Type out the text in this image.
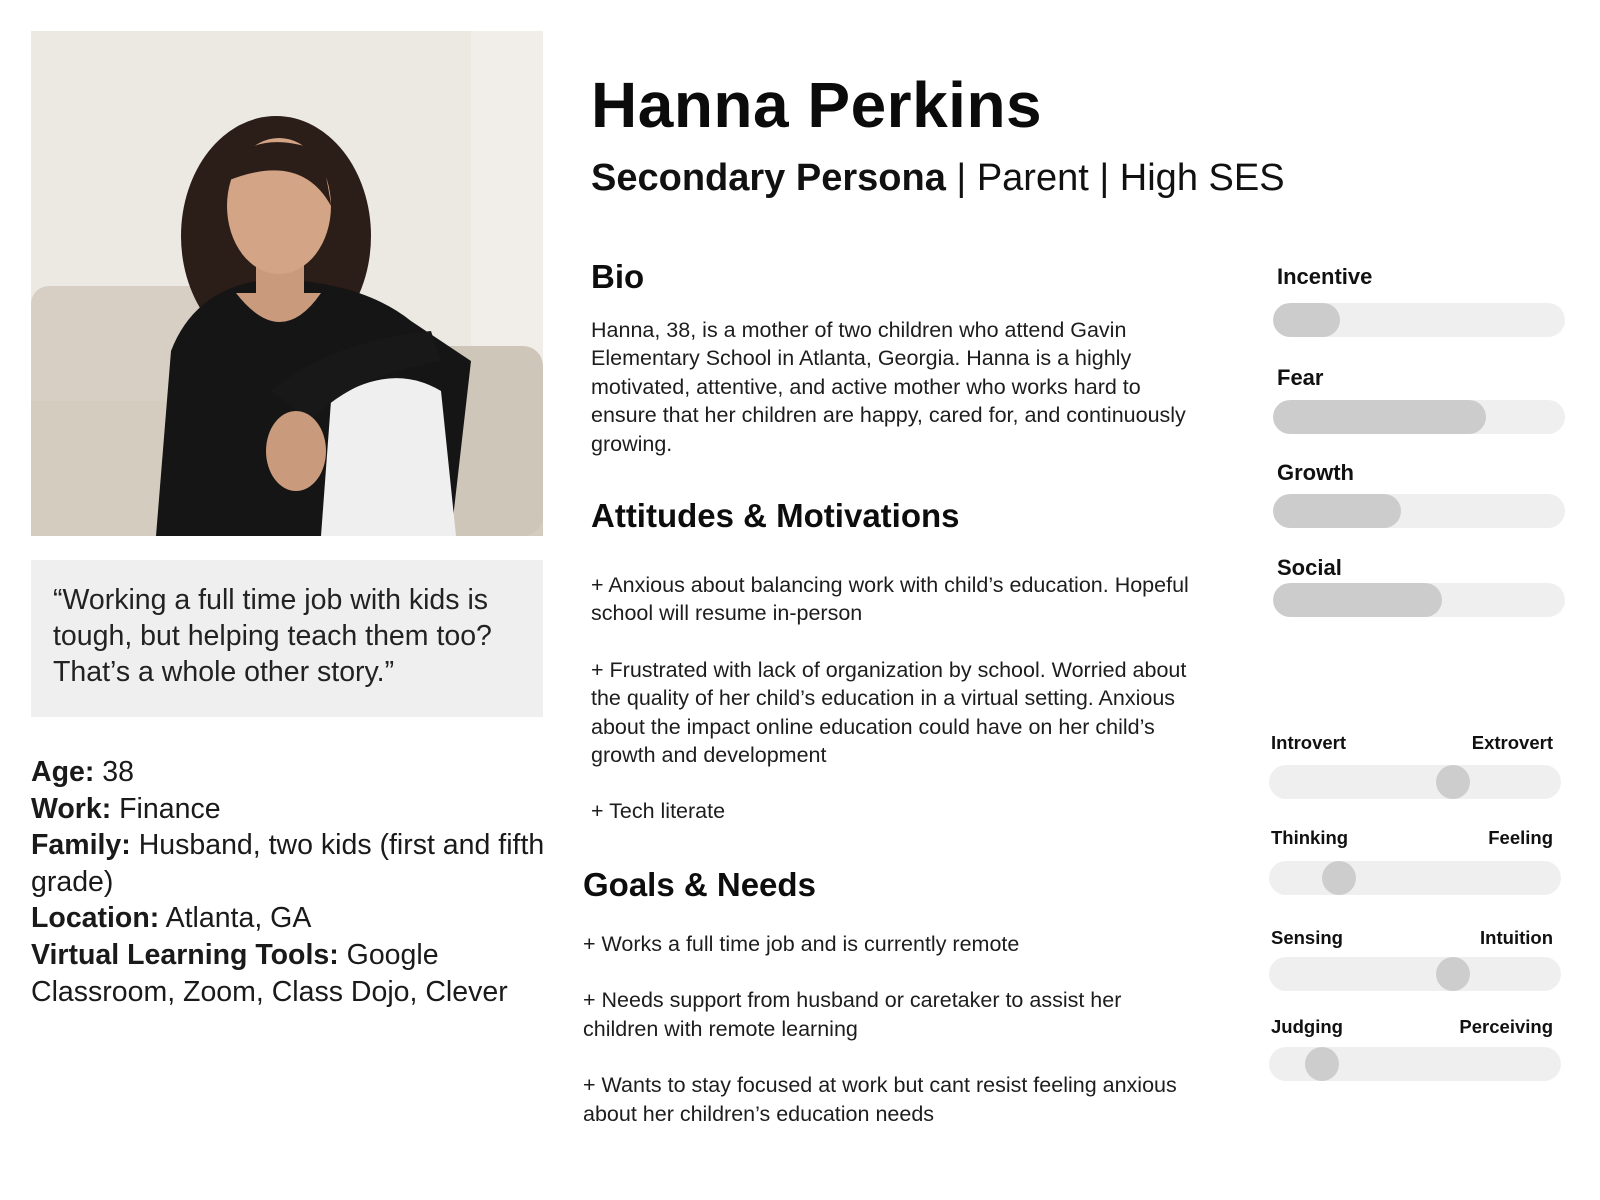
“Working a full time job with kids is tough, but helping teach them too? That’s a whole other story.”
Age: 38
Work: Finance
Family: Husband, two kids (first and fifth grade)
Location: Atlanta, GA
Virtual Learning Tools: Google Classroom, Zoom, Class Dojo, Clever
Hanna Perkins
Secondary Persona | Parent | High SES
Bio
Hanna, 38, is a mother of two children who attend Gavin Elementary School in Atlanta, Georgia. Hanna is a highly motivated, attentive, and active mother who works hard to ensure that her children are happy, cared for, and continuously growing.
Attitudes & Motivations
+ Anxious about balancing work with child’s education. Hopeful school will resume in-person
+ Frustrated with lack of organization by school. Worried about the quality of her child’s education in a virtual setting. Anxious about the impact online education could have on her child’s growth and development
+ Tech literate
Goals & Needs
+ Works a full time job and is currently remote
+ Needs support from husband or caretaker to assist her children with remote learning
+ Wants to stay focused at work but cant resist feeling anxious about her children’s education needs
Incentive
Fear
Growth
Social
Introvert	Extrovert
Thinking	Feeling
Sensing	Intuition
Judging	Perceiving
